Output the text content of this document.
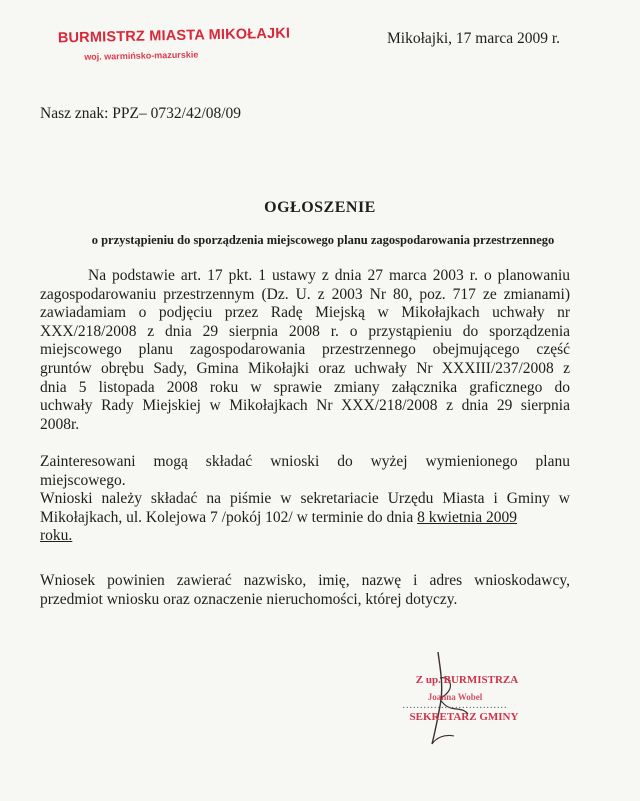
BURMISTRZ MIASTA MIKOŁAJKI
woj. warmińsko-mazurskie
Mikołajki, 17 marca 2009 r.
Nasz znak: PPZ– 0732/42/08/09
OGŁOSZENIE
o przystąpieniu do sporządzenia miejscowego planu zagospodarowania przestrzennego
Na podstawie art. 17 pkt. 1 ustawy z dnia 27 marca 2003 r. o planowaniu
zagospodarowaniu przestrzennym (Dz. U. z 2003 Nr 80, poz. 717 ze zmianami)
zawiadamiam o podjęciu przez Radę Miejską w Mikołajkach uchwały nr
XXX/218/2008 z dnia 29 sierpnia 2008 r. o przystąpieniu do sporządzenia
miejscowego planu zagospodarowania przestrzennego obejmującego część
gruntów obrębu Sady, Gmina Mikołajki oraz uchwały Nr XXXIII/237/2008 z
dnia 5 listopada 2008 roku w sprawie zmiany załącznika graficznego do
uchwały Rady Miejskiej w Mikołajkach Nr XXX/218/2008 z dnia 29 sierpnia
2008r.
Zainteresowani mogą składać wnioski do wyżej wymienionego planu
miejscowego.
Wnioski należy składać na piśmie w sekretariacie Urzędu Miasta i Gminy w
Mikołajkach, ul. Kolejowa 7 /pokój 102/ w terminie do dnia 8 kwietnia 2009
roku.
Wniosek powinien zawierać nazwisko, imię, nazwę i adres wnioskodawcy,
przedmiot wniosku oraz oznaczenie nieruchomości, której dotyczy.
Z up. BURMISTRZA
Joanna Wobel
..............................
SEKRETARZ GMINY
